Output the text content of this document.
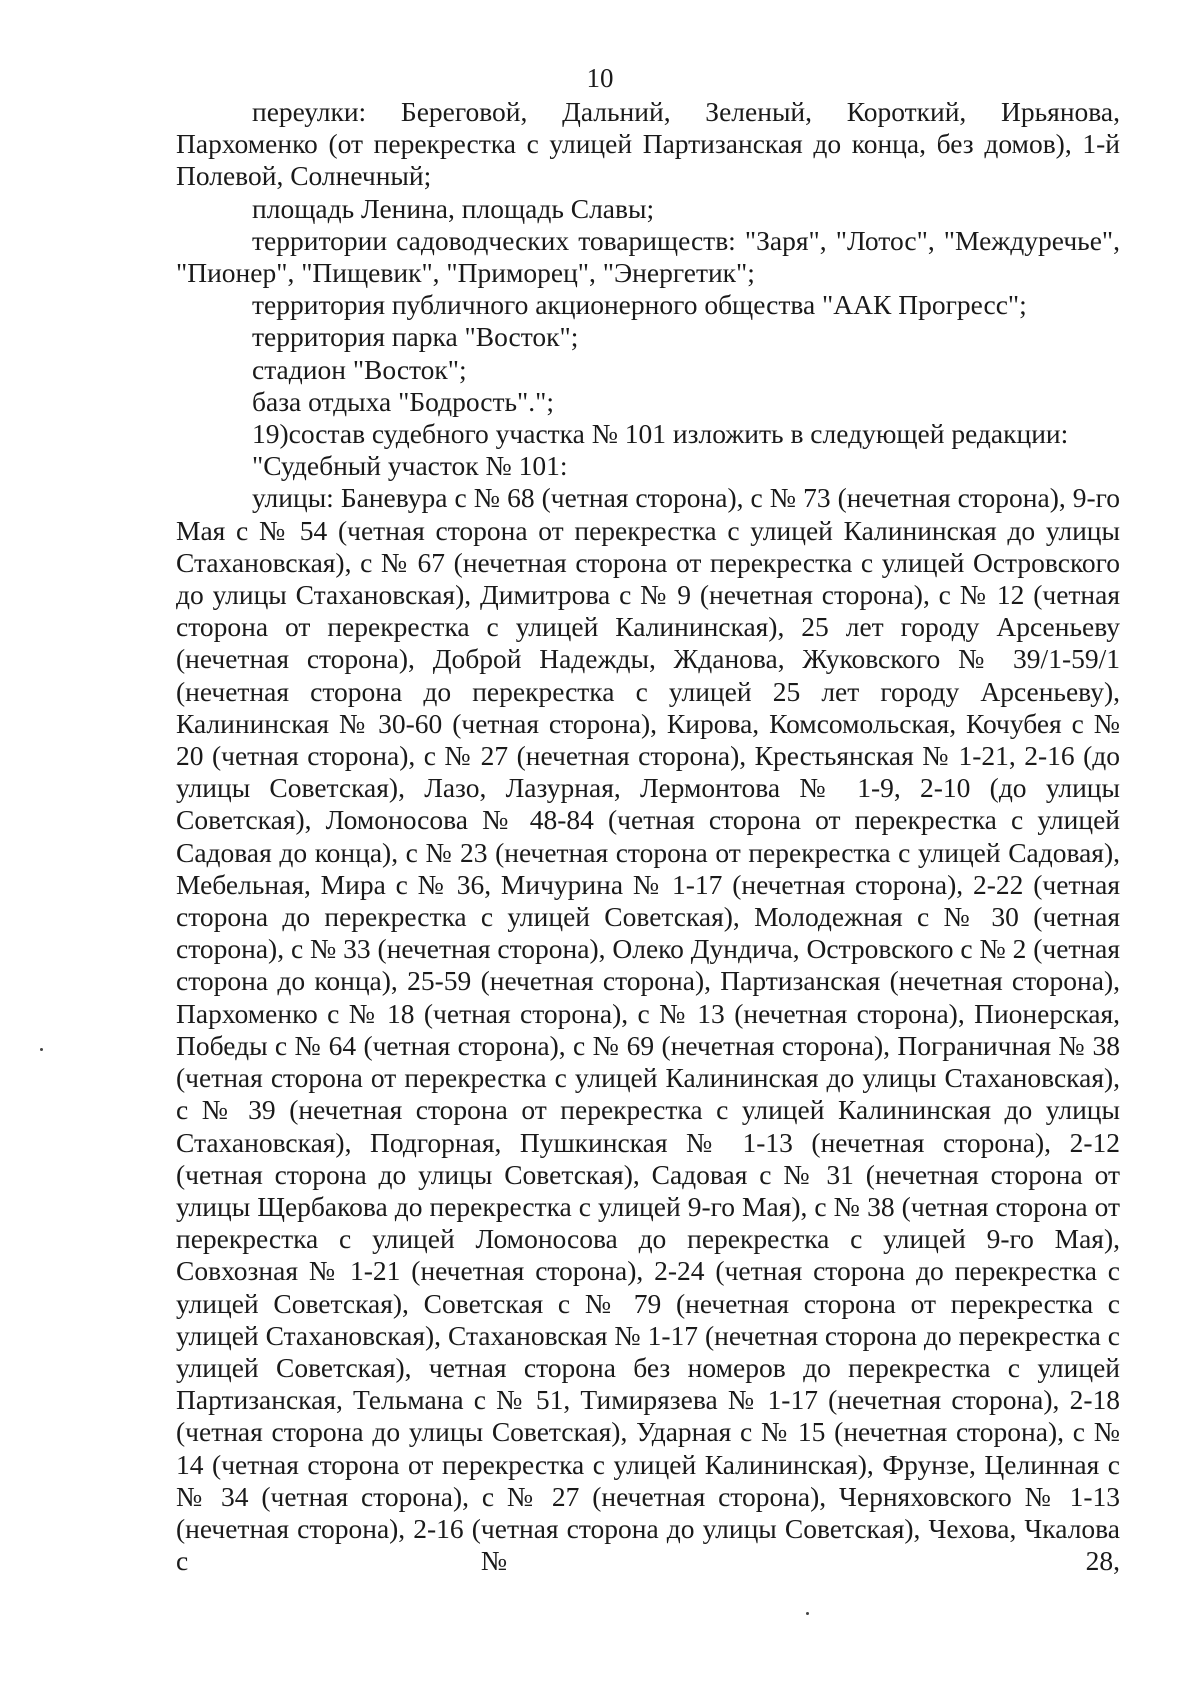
10

переулки: Береговой, Дальний, Зеленый, Короткий, Ирьянова, Пархоменко (от перекрестка с улицей Партизанская до конца, без домов), 1-й Полевой, Солнечный;

площадь Ленина, площадь Славы;

территории садоводческих товариществ: "Заря", "Лотос", "Междуречье", "Пионер", "Пищевик", "Приморец", "Энергетик";

территория публичного акционерного общества "ААК Прогресс";

территория парка "Восток";

стадион "Восток";

база отдыха "Бодрость".";

19)состав судебного участка № 101 изложить в следующей редакции:

"Судебный участок № 101:

улицы: Баневура с № 68 (четная сторона), с № 73 (нечетная сторона), 9-го Мая с № 54 (четная сторона от перекрестка с улицей Калининская до улицы Стахановская), с № 67 (нечетная сторона от перекрестка с улицей Островского до улицы Стахановская), Димитрова с № 9 (нечетная сторона), с № 12 (четная сторона от перекрестка с улицей Калининская), 25 лет городу Арсеньеву (нечетная сторона), Доброй Надежды, Жданова, Жуковского № 39/1-59/1 (нечетная сторона до перекрестка с улицей 25 лет городу Арсеньеву), Калининская № 30-60 (четная сторона), Кирова, Комсомольская, Кочубея с № 20 (четная сторона), с № 27 (нечетная сторона), Крестьянская № 1-21, 2-16 (до улицы Советская), Лазо, Лазурная, Лермонтова № 1-9, 2-10 (до улицы Советская), Ломоносова № 48-84 (четная сторона от перекрестка с улицей Садовая до конца), с № 23 (нечетная сторона от перекрестка с улицей Садовая), Мебельная, Мира с № 36, Мичурина № 1-17 (нечетная сторона), 2-22 (четная сторона до перекрестка с улицей Советская), Молодежная с № 30 (четная сторона), с № 33 (нечетная сторона), Олеко Дундича, Островского с № 2 (четная сторона до конца), 25-59 (нечетная сторона), Партизанская (нечетная сторона), Пархоменко с № 18 (четная сторона), с № 13 (нечетная сторона), Пионерская, Победы с № 64 (четная сторона), с № 69 (нечетная сторона), Пограничная № 38 (четная сторона от перекрестка с улицей Калининская до улицы Стахановская), с № 39 (нечетная сторона от перекрестка с улицей Калининская до улицы Стахановская), Подгорная, Пушкинская № 1-13 (нечетная сторона), 2-12 (четная сторона до улицы Советская), Садовая с № 31 (нечетная сторона от улицы Щербакова до перекрестка с улицей 9-го Мая), с № 38 (четная сторона от перекрестка с улицей Ломоносова до перекрестка с улицей 9-го Мая), Совхозная № 1-21 (нечетная сторона), 2-24 (четная сторона до перекрестка с улицей Советская), Советская с № 79 (нечетная сторона от перекрестка с улицей Стахановская), Стахановская № 1-17 (нечетная сторона до перекрестка с улицей Советская), четная сторона без номеров до перекрестка с улицей Партизанская, Тельмана с № 51, Тимирязева № 1-17 (нечетная сторона), 2-18 (четная сторона до улицы Советская), Ударная с № 15 (нечетная сторона), с № 14 (четная сторона от перекрестка с улицей Калининская), Фрунзе, Целинная с № 34 (четная сторона), с № 27 (нечетная сторона), Черняховского № 1-13 (нечетная сторона), 2-16 (четная сторона до улицы Советская), Чехова, Чкалова с № 28,
